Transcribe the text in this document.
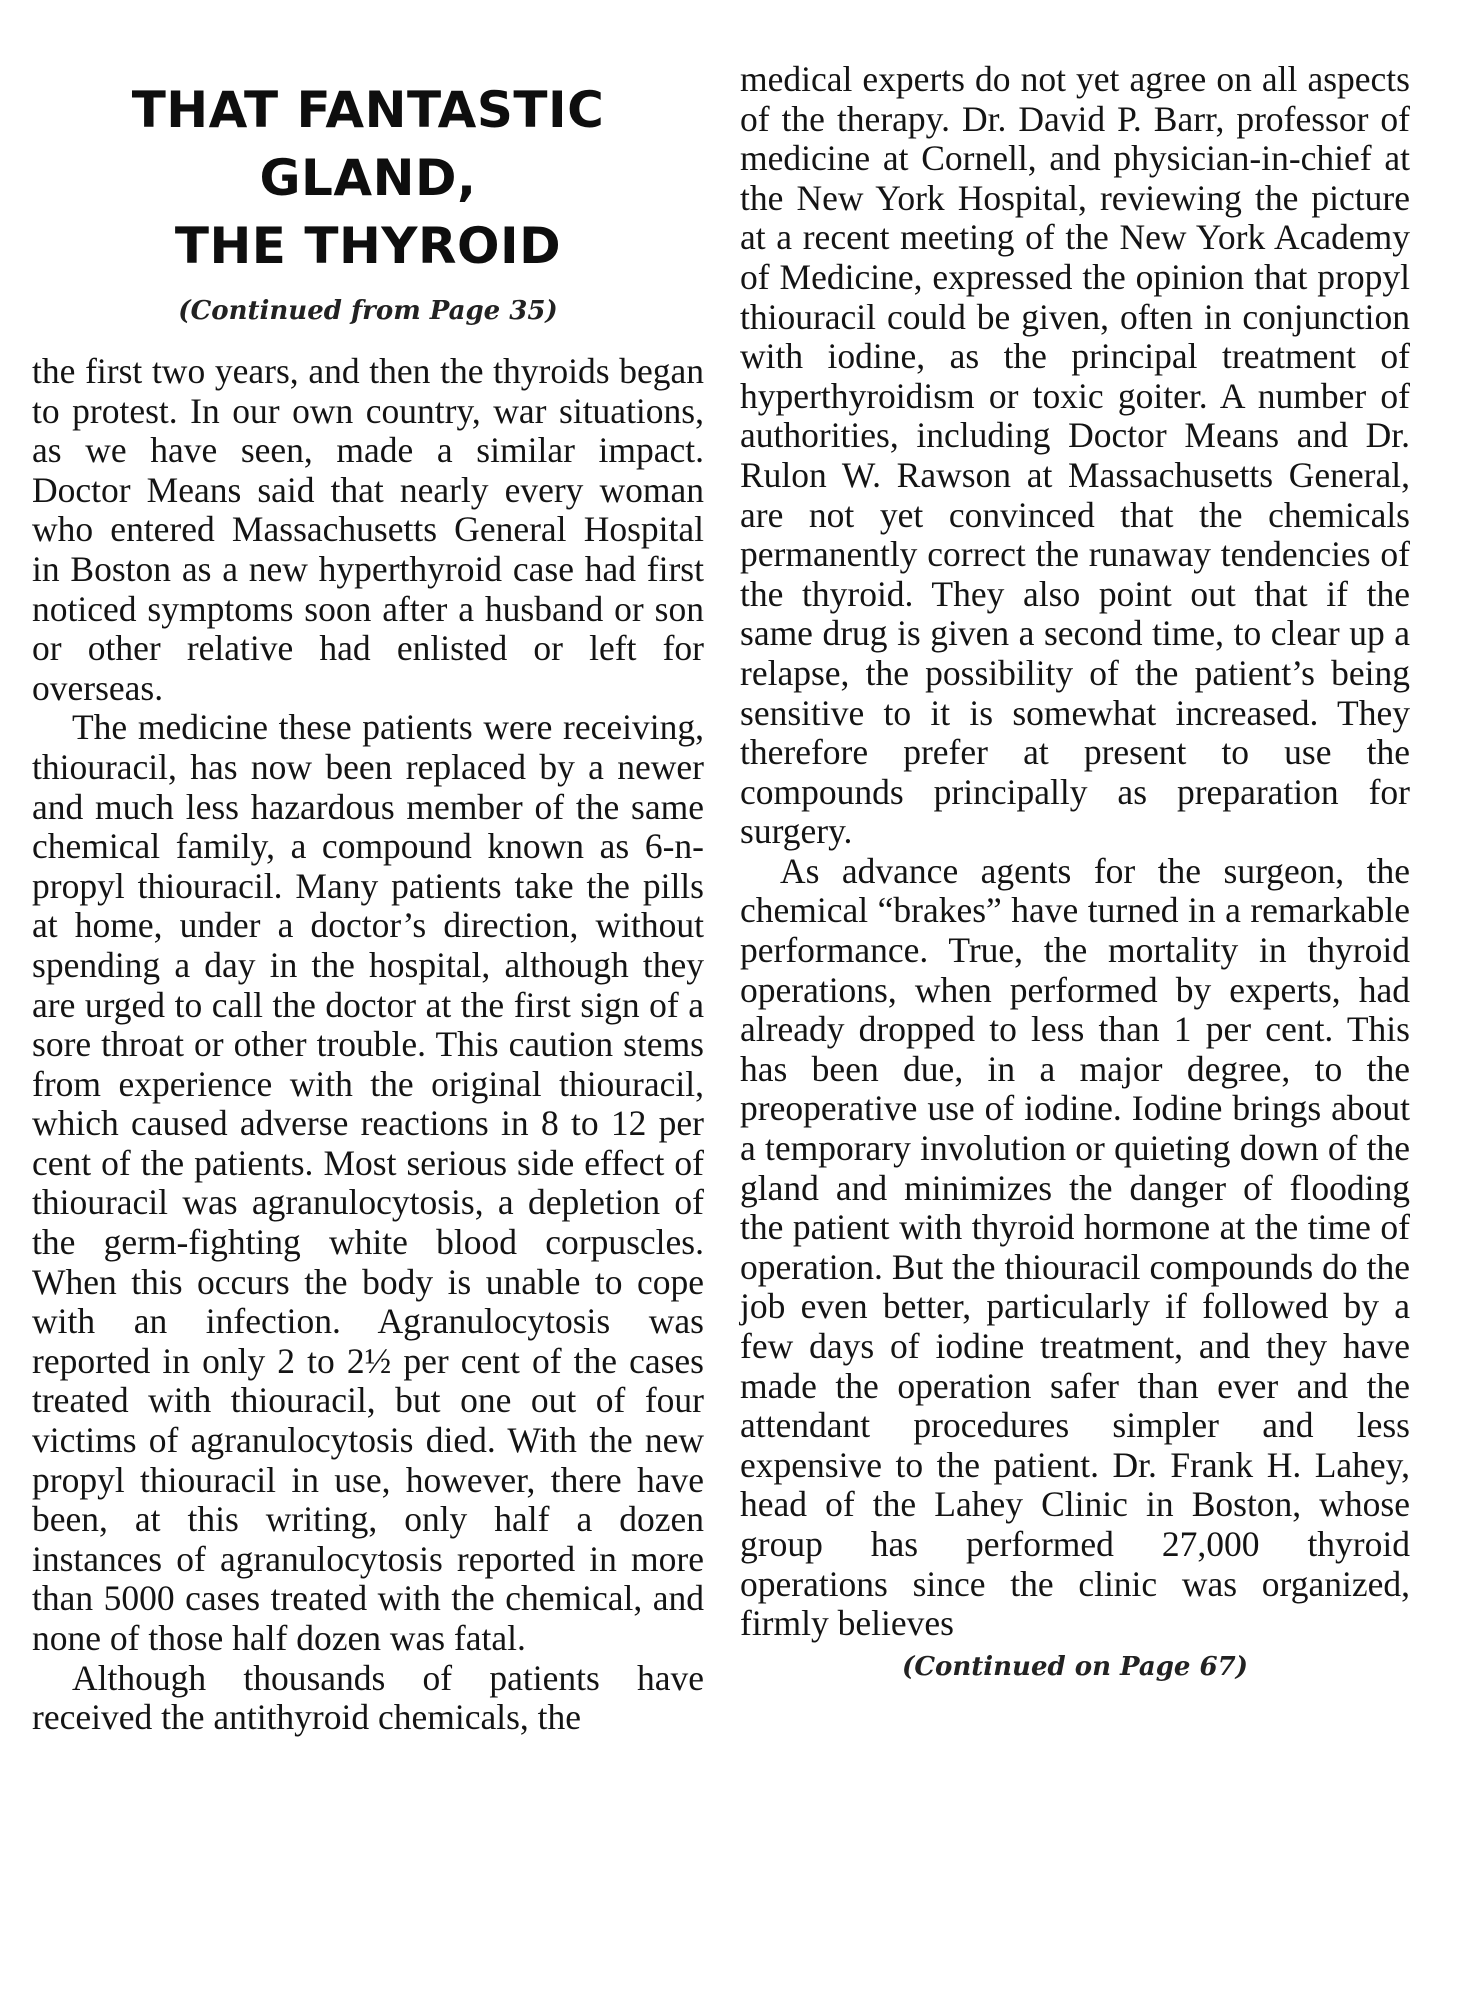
THAT FANTASTIC GLAND,
THE THYROID
(Continued from Page 35)

the first two years, and then the thyroids began to protest. In our own country, war situations, as we have seen, made a similar impact. Doctor Means said that nearly every woman who entered Massachusetts General Hospital in Boston as a new hyperthyroid case had first noticed symptoms soon after a husband or son or other relative had enlisted or left for overseas.

The medicine these patients were receiving, thiouracil, has now been replaced by a newer and much less hazardous member of the same chemical family, a compound known as 6-n-propyl thiouracil. Many patients take the pills at home, under a doctor’s direction, without spending a day in the hospital, although they are urged to call the doctor at the first sign of a sore throat or other trouble. This caution stems from experience with the original thiouracil, which caused adverse reactions in 8 to 12 per cent of the patients. Most serious side effect of thiouracil was agranulocytosis, a depletion of the germ-fighting white blood corpuscles. When this occurs the body is unable to cope with an infection. Agranulocytosis was reported in only 2 to 2½ per cent of the cases treated with thiouracil, but one out of four victims of agranulocytosis died. With the new propyl thiouracil in use, however, there have been, at this writing, only half a dozen instances of agranulocytosis reported in more than 5000 cases treated with the chemical, and none of those half dozen was fatal.

Although thousands of patients have received the antithyroid chemicals, the

medical experts do not yet agree on all aspects of the therapy. Dr. David P. Barr, professor of medicine at Cornell, and physician-in-chief at the New York Hospital, reviewing the picture at a recent meeting of the New York Academy of Medicine, expressed the opinion that propyl thiouracil could be given, often in conjunction with iodine, as the principal treatment of hyperthyroidism or toxic goiter. A number of authorities, including Doctor Means and Dr. Rulon W. Rawson at Massachusetts General, are not yet convinced that the chemicals permanently correct the runaway tendencies of the thyroid. They also point out that if the same drug is given a second time, to clear up a relapse, the possibility of the patient’s being sensitive to it is somewhat increased. They therefore prefer at present to use the compounds principally as preparation for surgery.

As advance agents for the surgeon, the chemical “brakes” have turned in a remarkable performance. True, the mortality in thyroid operations, when performed by experts, had already dropped to less than 1 per cent. This has been due, in a major degree, to the preoperative use of iodine. Iodine brings about a temporary involution or quieting down of the gland and minimizes the danger of flooding the patient with thyroid hormone at the time of operation. But the thiouracil compounds do the job even better, particularly if followed by a few days of iodine treatment, and they have made the operation safer than ever and the attendant procedures simpler and less expensive to the patient. Dr. Frank H. Lahey, head of the Lahey Clinic in Boston, whose group has performed 27,000 thyroid operations since the clinic was organized, firmly believes

(Continued on Page 67)
